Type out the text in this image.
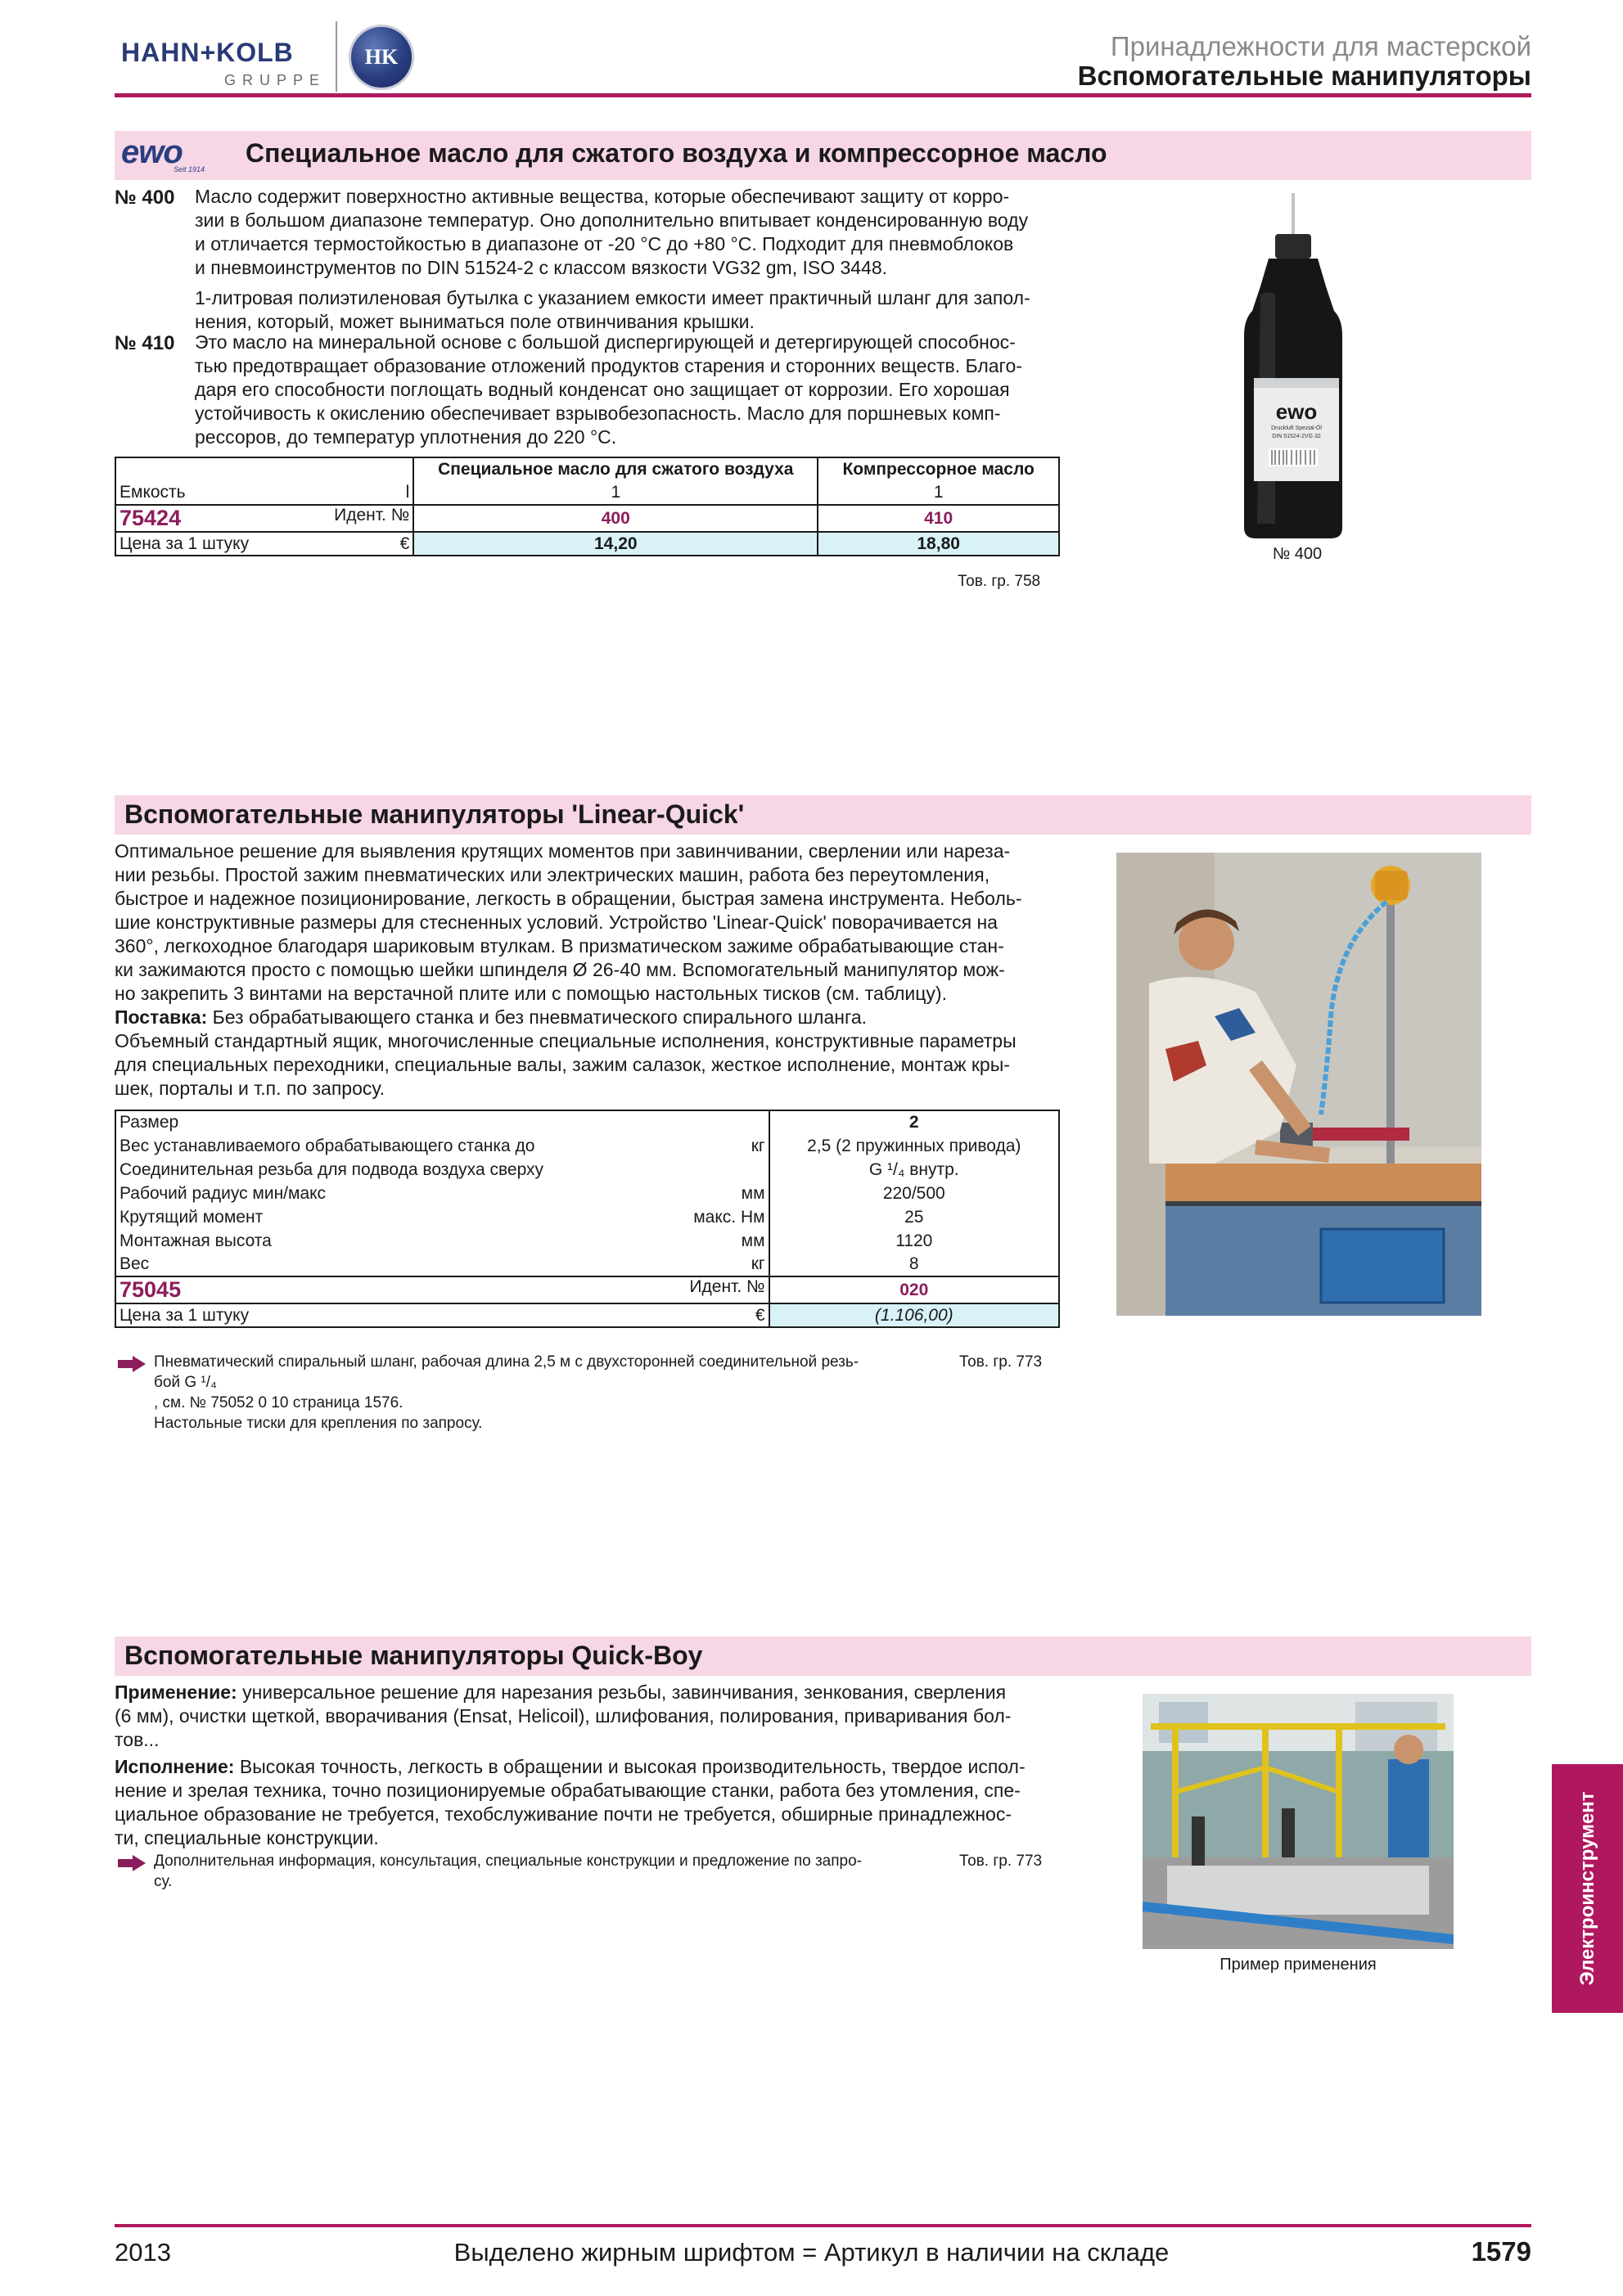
HAHN+KOLB
GRUPPE
HK	Принадлежности для мастерской
Вспомогательные манипуляторы
ewo
Seit 1914
Специальное масло для сжатого воздуха и компрессорное масло
№ 400 Масло содержит поверхностно активные вещества, которые обеспечивают защиту от корро-
зии в большом диапазоне температур. Оно дополнительно впитывает конденсированную воду
и отличается термостойкостью в диапазоне от -20 °C до +80 °C. Подходит для пневмоблоков
и пневмоинструментов по DIN 51524-2 с классом вязкости VG32 gm, ISO 3448.
1-литровая полиэтиленовая бутылка с указанием емкости имеет практичный шланг для запол-
нения, который, может выниматься поле отвинчивания крышки.
№ 410 Это масло на минеральной основе с большой диспергирующей и детергирующей способнос-
тью предотвращает образование отложений продуктов старения и сторонних веществ. Благо-
даря его способности поглощать водный конденсат оно защищает от коррозии. Его хорошая
устойчивость к окислению обеспечивает взрывобезопасность. Масло для поршневых комп-
рессоров, до температур уплотнения до 220 °C.
	Специальное масло для сжатого воздуха	Компрессорное масло
Емкость l	1	1
75424 Идент. №	400	410
Цена за 1 штуку €	14,20	18,80
Тов. гр. 758
ewo
Druckluft Spezial-Öl
DIN 51524-2VG 32
№ 400
Вспомогательные манипуляторы 'Linear-Quick'
Оптимальное решение для выявления крутящих моментов при завинчивании, сверлении или нареза-
нии резьбы. Простой зажим пневматических или электрических машин, работа без переутомления,
быстрое и надежное позиционирование, легкость в обращении, быстрая замена инструмента. Неболь-
шие конструктивные размеры для стесненных условий. Устройство 'Linear-Quick' поворачивается на
360°, легкоходное благодаря шариковым втулкам. В призматическом зажиме обрабатывающие стан-
ки зажимаются просто с помощью шейки шпинделя Ø 26-40 мм. Вспомогательный манипулятор мож-
но закрепить 3 винтами на верстачной плите или с помощью настольных тисков (см. таблицу).
Поставка: Без обрабатывающего станка и без пневматического спирального шланга.
Объемный стандартный ящик, многочисленные специальные исполнения, конструктивные параметры
для специальных переходники, специальные валы, зажим салазок, жесткое исполнение, монтаж кры-
шек, порталы и т.п. по запросу.
Размер	2
Вес устанавливаемого обрабатывающего станка до кг	2,5 (2 пружинных привода)
Соединительная резьба для подвода воздуха сверху	G ¹/₄ внутр.
Рабочий радиус мин/макс мм	220/500
Крутящий момент макс. Нм	25
Монтажная высота мм	1120
Вес кг	8
75045 Идент. №	020
Цена за 1 штуку €	(1.106,00)
Пневматический спиральный шланг, рабочая длина 2,5 м с двухсторонней соединительной резь-
бой G ¹/₄
, см. № 75052 0 10 страница 1576.
Настольные тиски для крепления по запросу.
Тов. гр. 773
Вспомогательные манипуляторы Quick-Boy
Применение: универсальное решение для нарезания резьбы, завинчивания, зенкования, сверления
(6 мм), очистки щеткой, вворачивания (Ensat, Helicoil), шлифования, полирования, приваривания бол-
тов...
Исполнение: Высокая точность, легкость в обращении и высокая производительность, твердое испол-
нение и зрелая техника, точно позиционируемые обрабатывающие станки, работа без утомления, спе-
циальное образование не требуется, техобслуживание почти не требуется, обширные принадлежнос-
ти, специальные конструкции.
Дополнительная информация, консультация, специальные конструкции и предложение по запро-
су.
Тов. гр. 773
Пример применения	Электроинструмент
2013	Выделено жирным шрифтом = Артикул в наличии на складе	1579
